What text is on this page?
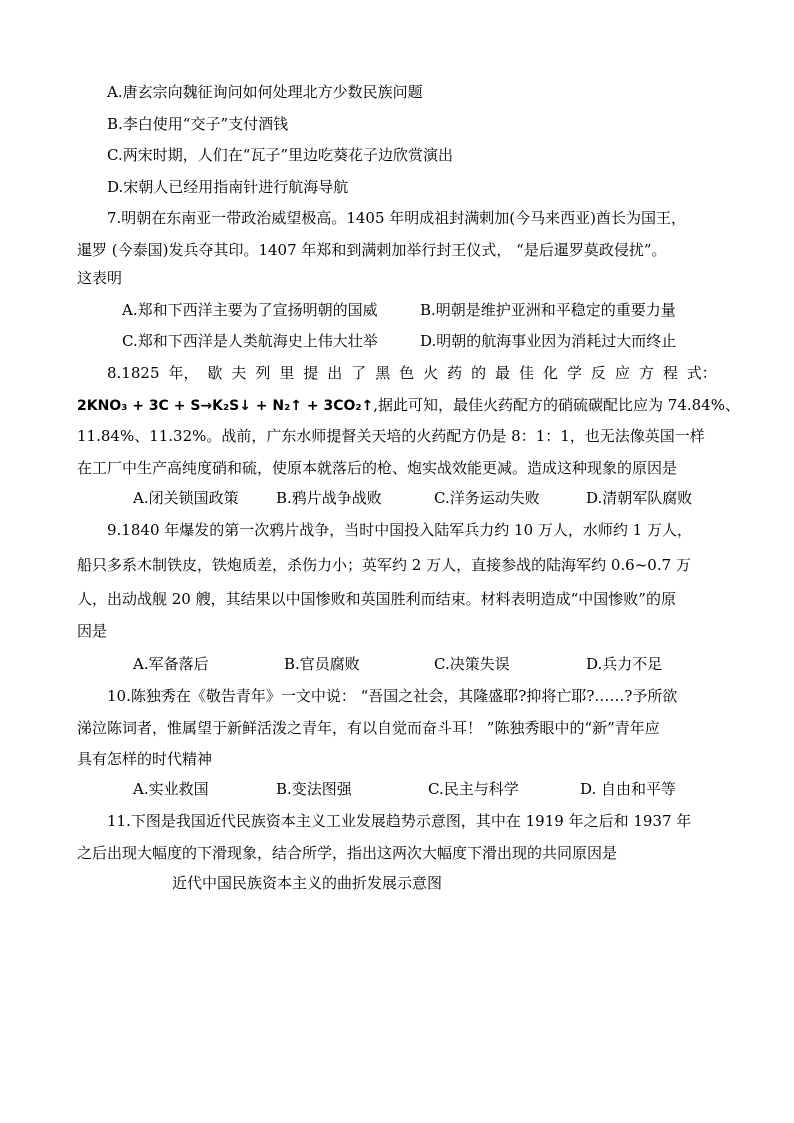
A.唐玄宗向魏征询问如何处理北方少数民族问题
B.李白使用“交子”支付酒钱
C.两宋时期，人们在“瓦子”里边吃葵花子边欣赏演出
D.宋朝人已经用指南针进行航海导航
7.明朝在东南亚一带政治威望极高。1405 年明成祖封满剌加(今马来西亚)酋长为国王，
暹罗 (今泰国)发兵夺其印。1407 年郑和到满剌加举行封王仪式， “是后暹罗莫政侵扰”。
这表明
A.郑和下西洋主要为了宣扬明朝的国威	B.明朝是维护亚洲和平稳定的重要力量
C.郑和下西洋是人类航海史上伟大壮举	D.明朝的航海事业因为消耗过大而终止
8.1825 年， 歇 夫 列 里 提 出 了 黑 色 火 药 的 最 佳 化 学 反 应 方 程 式：
2KNO₃ + 3C + S→K₂S↓ + N₂↑ + 3CO₂↑,据此可知，最佳火药配方的硝硫碳配比应为 74.84%、
11.84%、11.32%。战前，广东水师提督关天培的火药配方仍是 8：1：1，也无法像英国一样
在工厂中生产高纯度硝和硫，使原本就落后的枪、炮实战效能更减。造成这种现象的原因是
A.闭关锁国政策 B.鸦片战争战败	C.洋务运动失败	D.清朝军队腐败
9.1840 年爆发的第一次鸦片战争，当时中国投入陆军兵力约 10 万人，水师约 1 万人，
船只多系木制铁皮，铁炮质差，杀伤力小；英军约 2 万人，直接参战的陆海军约 0.6~0.7 万
人，出动战舰 20 艘，其结果以中国惨败和英国胜利而结束。材料表明造成“中国惨败”的原
因是
A.军备落后	B.官员腐败	C.决策失误	D.兵力不足
10.陈独秀在《敬告青年》一文中说： “吾国之社会，其隆盛耶?抑将亡耶?……?予所欲
涕泣陈词者，惟属望于新鲜活泼之青年，有以自觉而奋斗耳！ ”陈独秀眼中的“新”青年应
具有怎样的时代精神
A.实业救国	B.变法图强	C.民主与科学	D. 自由和平等
11.下图是我国近代民族资本主义工业发展趋势示意图，其中在 1919 年之后和 1937 年
之后出现大幅度的下滑现象，结合所学，指出这两次大幅度下滑出现的共同原因是
近代中国民族资本主义的曲折发展示意图
